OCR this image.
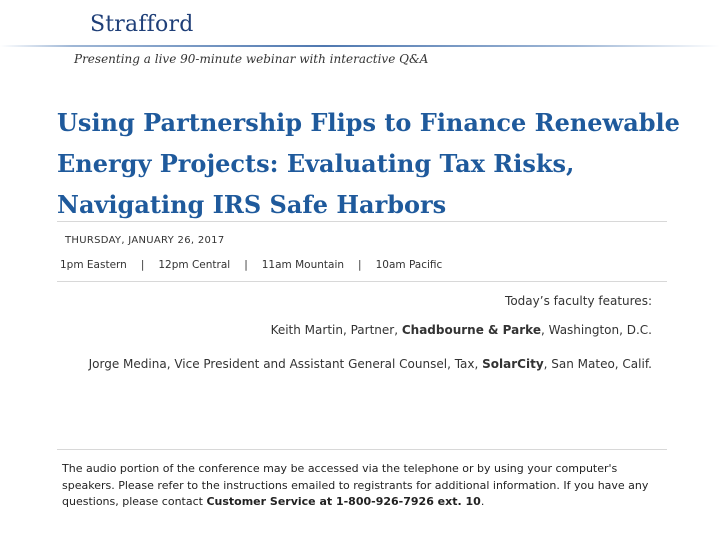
Strafford
Presenting a live 90-minute webinar with interactive Q&A
Using Partnership Flips to Finance Renewable Energy Projects: Evaluating Tax Risks, Navigating IRS Safe Harbors
THURSDAY, JANUARY 26, 2017
1pm Eastern | 12pm Central | 11am Mountain | 10am Pacific
Today’s faculty features:
Keith Martin, Partner, Chadbourne & Parke, Washington, D.C.
Jorge Medina, Vice President and Assistant General Counsel, Tax, SolarCity, San Mateo, Calif.
The audio portion of the conference may be accessed via the telephone or by using your computer's speakers. Please refer to the instructions emailed to registrants for additional information. If you have any questions, please contact Customer Service at 1-800-926-7926 ext. 10.
